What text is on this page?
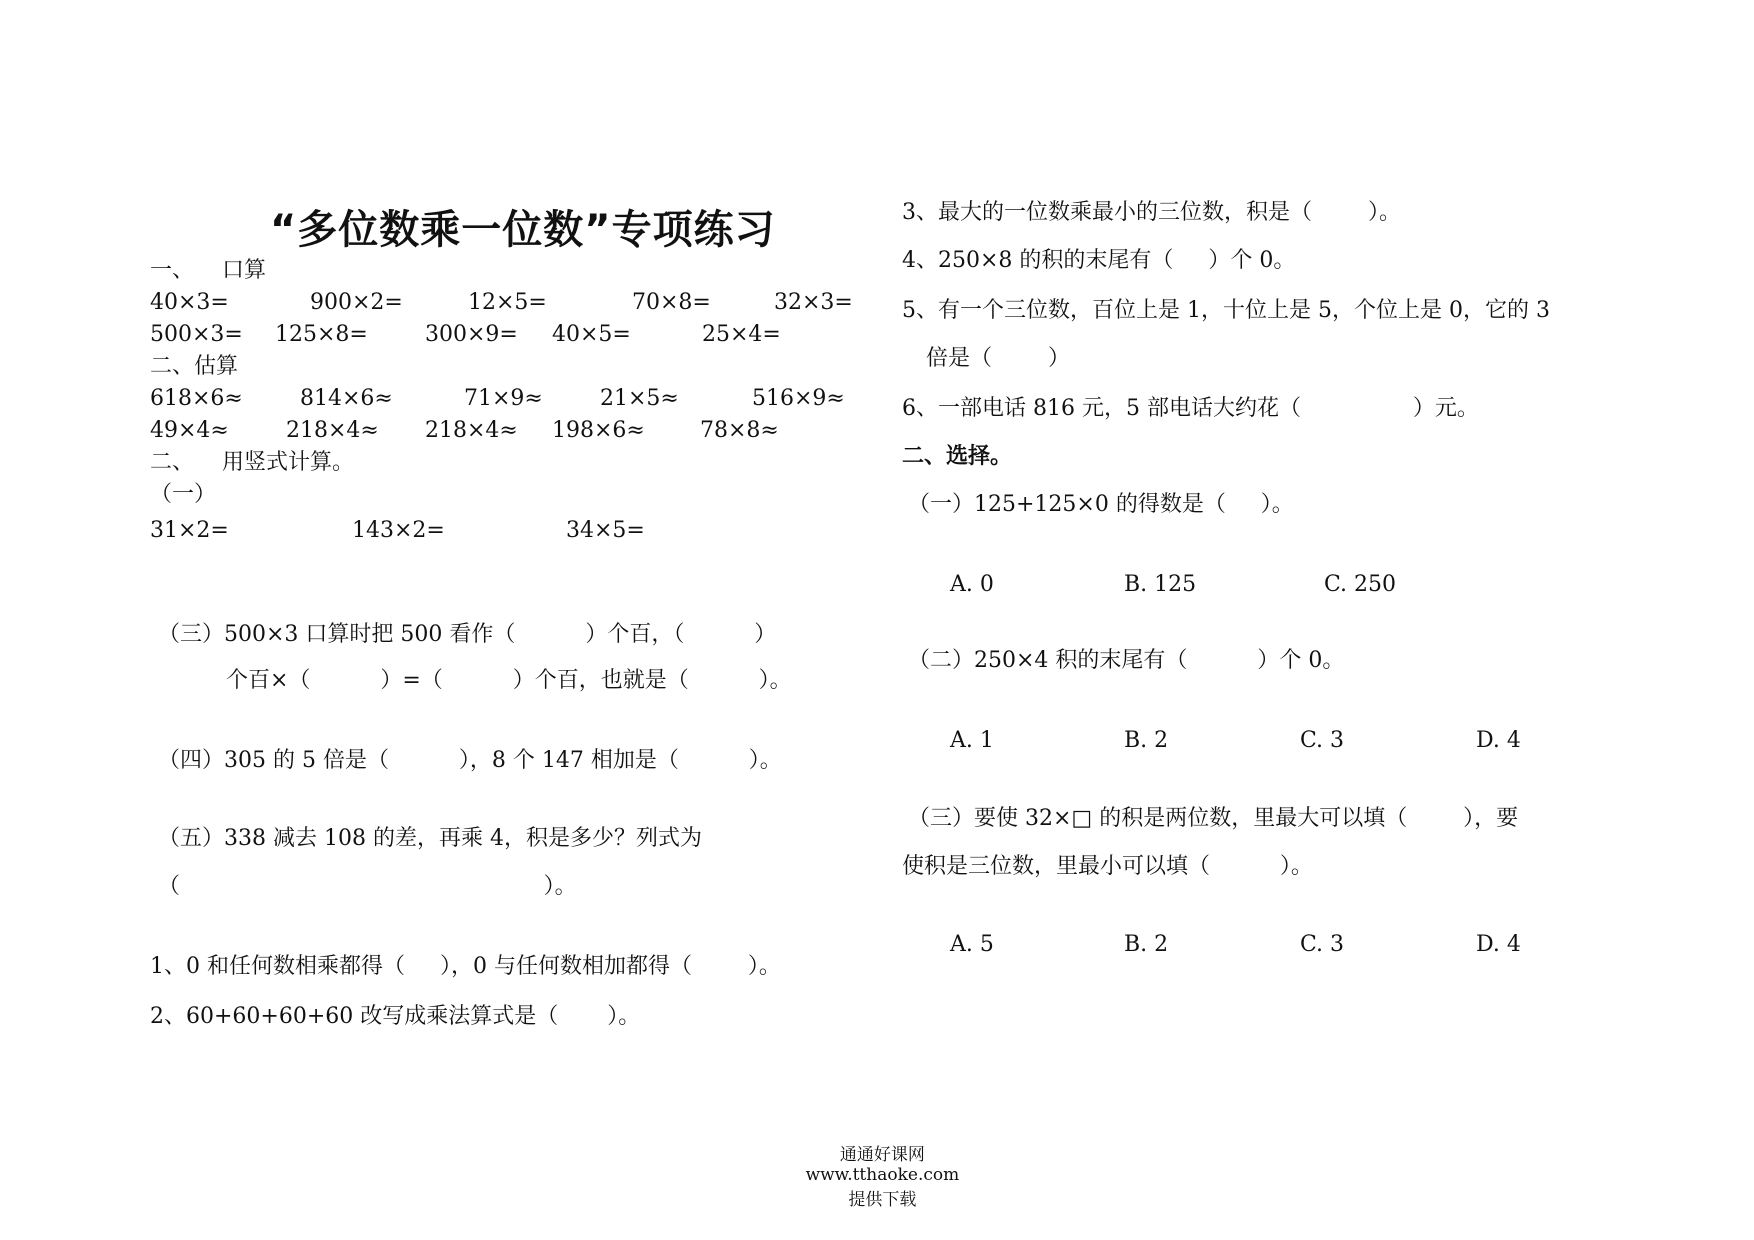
“多位数乘一位数”专项练习
一、    口算
40×3=	900×2=	12×5=	70×8=	32×3=
500×3= 125×8=	300×9= 40×5=	25×4=
二、估算
618×6≈	814×6≈	71×9≈	21×5≈	516×9≈
49×4≈	218×4≈ 218×4≈ 198×6≈	78×8≈
二、    用竖式计算。
（一）
31×2=	143×2=	34×5=
（三）500×3 口算时把 500 看作（          ）个百，（          ）
个百×（          ）=（          ）个百，也就是（          ）。
（四）305 的 5 倍是（          ），8 个 147 相加是（          ）。
（五）338 减去 108 的差，再乘 4，积是多少？列式为
（                                                    ）。
1、0 和任何数相乘都得（     ），0 与任何数相加都得（        ）。
2、60+60+60+60 改写成乘法算式是（       ）。
3、最大的一位数乘最小的三位数，积是（        ）。
4、250×8 的积的末尾有（     ）个 0。
5、有一个三位数，百位上是 1，十位上是 5，个位上是 0，它的 3
倍是（        ）
6、一部电话 816 元，5 部电话大约花（                ）元。
二、选择。
（一）125+125×0 的得数是（     ）。
A. 0	B. 125	C. 250
（二）250×4 积的末尾有（          ）个 0。
A. 1	B. 2	C. 3	D. 4
（三）要使 32×□ 的积是两位数，里最大可以填（        ），要
使积是三位数，里最小可以填（          ）。
A. 5	B. 2	C. 3	D. 4

通通好课网
www.tthaoke.com
提供下载
